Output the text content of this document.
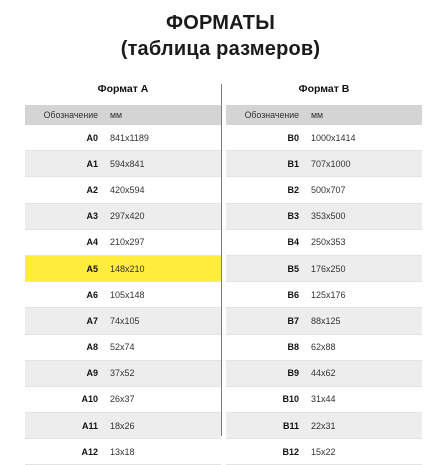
ФОРМАТЫ
(таблица размеров)
Формат А
Обозначение	мм
A0	841x1189
A1	594x841
A2	420x594
A3	297x420
A4	210x297
A5	148x210
A6	105x148
A7	74x105
A8	52x74
A9	37x52
A10	26x37
A11	18x26
A12	13x18
Формат В
Обозначение	мм
B0	1000x1414
B1	707x1000
B2	500x707
B3	353x500
B4	250x353
B5	176x250
B6	125x176
B7	88x125
B8	62x88
B9	44x62
B10	31x44
B11	22x31
B12	15x22
